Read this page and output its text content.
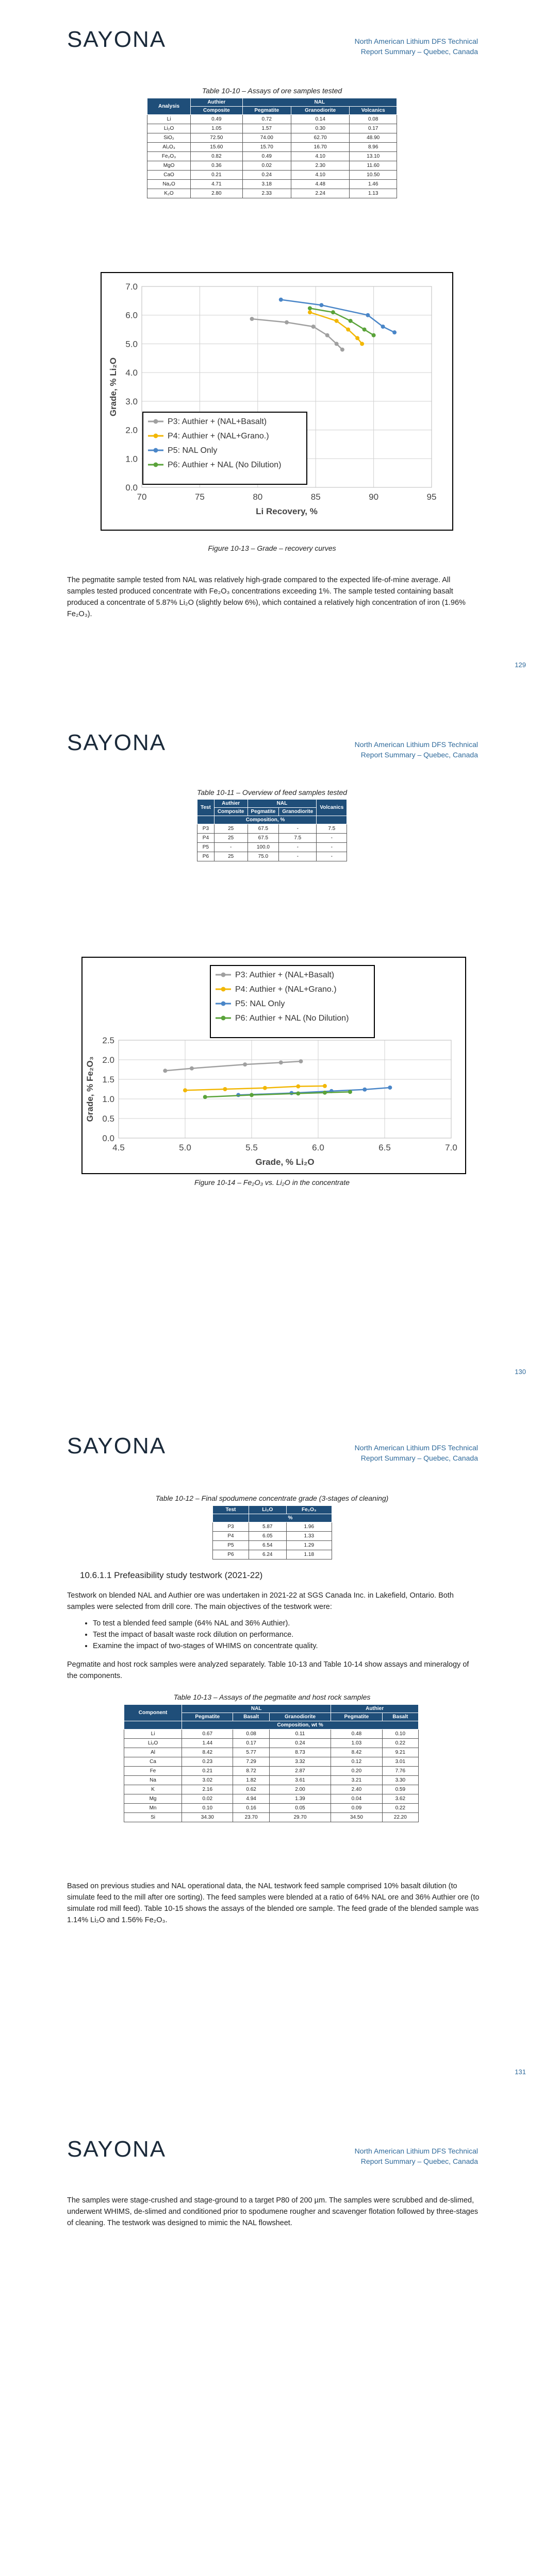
SAYONA	North American Lithium DFS Technical
Report Summary – Quebec, Canada
Table 10-10 – Assays of ore samples tested
Analysis	Authier	NAL		
	Composite	Pegmatite	Granodiorite	Volcanics
Li	0.49	0.72	0.14	0.08
Li₂O	1.05	1.57	0.30	0.17
SiO₂	72.50	74.00	62.70	48.90
Al₂O₃	15.60	15.70	16.70	8.96
Fe₂O₃	0.82	0.49	4.10	13.10
MgO	0.36	0.02	2.30	11.60
CaO	0.21	0.24	4.10	10.50
Na₂O	4.71	3.18	4.48	1.46
K₂O	2.80	2.33	2.24	1.13
0.0
1.0
2.0
3.0
4.0
5.0
6.0
7.0
70	75	80	85	90	95
Li Recovery, %
Grade, % Li₂O
P3: Authier + (NAL+Basalt)
P4: Authier + (NAL+Grano.)
P5: NAL Only
P6: Authier + NAL (No Dilution)
Figure 10-13 – Grade – recovery curves
The pegmatite sample tested from NAL was relatively high-grade compared to the expected life-of-mine average. All samples tested produced concentrate with Fe₂O₃ concentrations exceeding 1%. The sample tested containing basalt produced a concentrate of 5.87% Li₂O (slightly below 6%), which contained a relatively high concentration of iron (1.96% Fe₂O₃).
129
SAYONA	North American Lithium DFS Technical
Report Summary – Quebec, Canada
Table 10-11 – Overview of feed samples tested
Test	Authier	NAL		Volcanics
	Composite	Pegmatite	Granodiorite	
	Composition, %			
P3	25	67.5	-	7.5
P4	25	67.5	7.5	-
P5	-	100.0	-	-
P6	25	75.0	-	-
0.0
0.5
1.0
1.5
2.0
2.5
4.5	5.0	5.5	6.0	6.5	7.0
Grade, % Li₂O
Grade, % Fe₂O₃
P3: Authier + (NAL+Basalt)
P4: Authier + (NAL+Grano.)
P5: NAL Only
P6: Authier + NAL (No Dilution)
Figure 10-14 – Fe₂O₃ vs. Li₂O in the concentrate
130
SAYONA	North American Lithium DFS Technical
Report Summary – Quebec, Canada
Table 10-12 – Final spodumene concentrate grade (3-stages of cleaning)
Test	Li₂O	Fe₂O₃
	%	
P3	5.87	1.96
P4	6.05	1.33
P5	6.54	1.29
P6	6.24	1.18
10.6.1.1 Prefeasibility study testwork (2021-22)
Testwork on blended NAL and Authier ore was undertaken in 2021-22 at SGS Canada Inc. in Lakefield, Ontario. Both samples were selected from drill core. The main objectives of the testwork were:
• To test a blended feed sample (64% NAL and 36% Authier).
• Test the impact of basalt waste rock dilution on performance.
• Examine the impact of two-stages of WHIMS on concentrate quality.
Pegmatite and host rock samples were analyzed separately. Table 10-13 and Table 10-14 show assays and mineralogy of the components.
Table 10-13 – Assays of the pegmatite and host rock samples
Component	NAL			Authier	
	Pegmatite	Basalt	Granodiorite	Pegmatite	Basalt
	Composition, wt %				
Li	0.67	0.08	0.11	0.48	0.10
Li₂O	1.44	0.17	0.24	1.03	0.22
Al	8.42	5.77	8.73	8.42	9.21
Ca	0.23	7.29	3.32	0.12	3.01
Fe	0.21	8.72	2.87	0.20	7.76
Na	3.02	1.82	3.61	3.21	3.30
K	2.16	0.62	2.00	2.40	0.59
Mg	0.02	4.94	1.39	0.04	3.62
Mn	0.10	0.16	0.05	0.09	0.22
Si	34.30	23.70	29.70	34.50	22.20
Based on previous studies and NAL operational data, the NAL testwork feed sample comprised 10% basalt dilution (to simulate feed to the mill after ore sorting). The feed samples were blended at a ratio of 64% NAL ore and 36% Authier ore (to simulate rod mill feed). Table 10-15 shows the assays of the blended ore sample. The feed grade of the blended sample was 1.14% Li₂O and 1.56% Fe₂O₃.
131
SAYONA	North American Lithium DFS Technical
Report Summary – Quebec, Canada
The samples were stage-crushed and stage-ground to a target P80 of 200 µm. The samples were scrubbed and de-slimed, underwent WHIMS, de-slimed and conditioned prior to spodumene rougher and scavenger flotation followed by three-stages of cleaning. The testwork was designed to mimic the NAL flowsheet.
